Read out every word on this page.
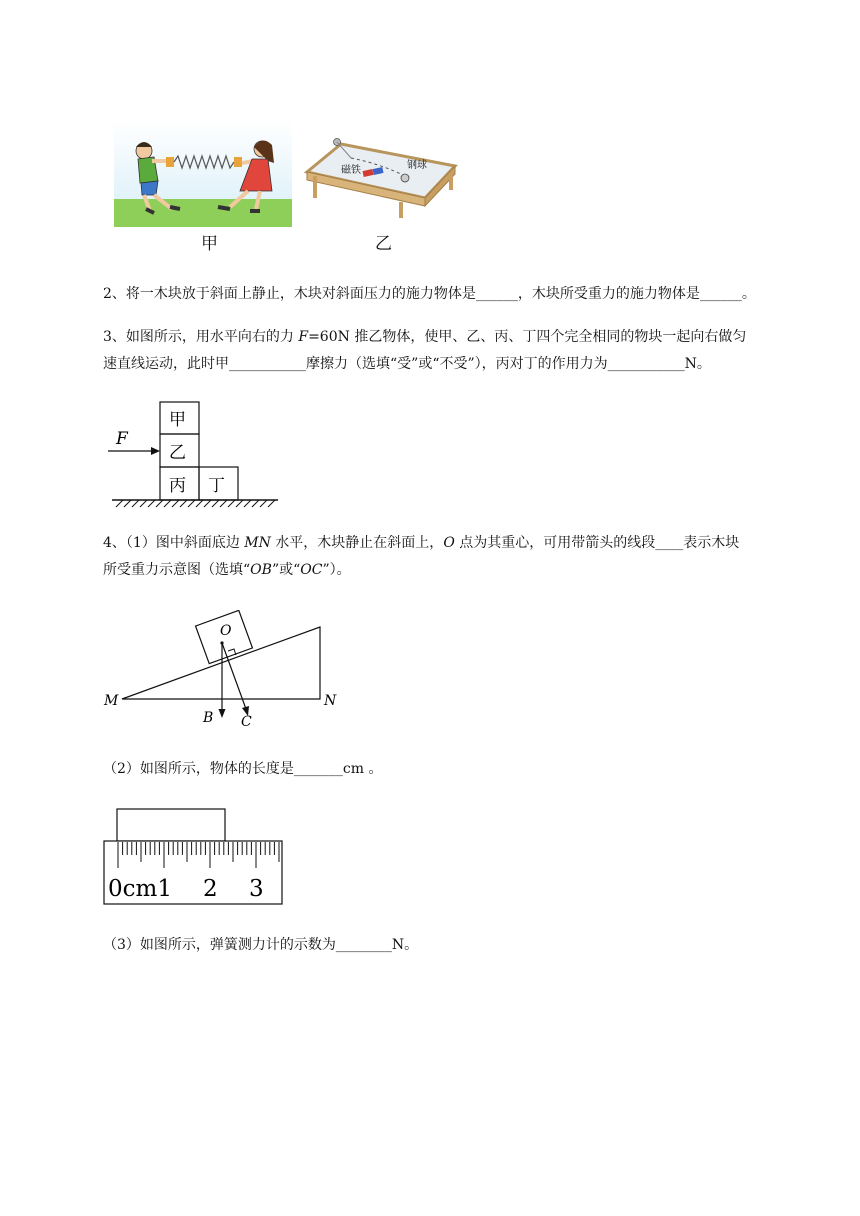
磁铁	钢球
甲	乙
2、将一木块放于斜面上静止，木块对斜面压力的施力物体是______，木块所受重力的施力物体是______。
3、如图所示，用水平向右的力 F=60N 推乙物体，使甲、乙、丙、丁四个完全相同的物块一起向右做匀
速直线运动，此时甲___________摩擦力（选填“受”或“不受”），丙对丁的作用力为___________N。
F
甲
乙
丙 丁
4、（1）图中斜面底边 MN 水平，木块静止在斜面上，O 点为其重心，可用带箭头的线段____表示木块
所受重力示意图（选填“OB”或“OC”）。
M	N
O
B C
（2）如图所示，物体的长度是_______cm 。
0cm1 2 3
（3）如图所示，弹簧测力计的示数为________N。
